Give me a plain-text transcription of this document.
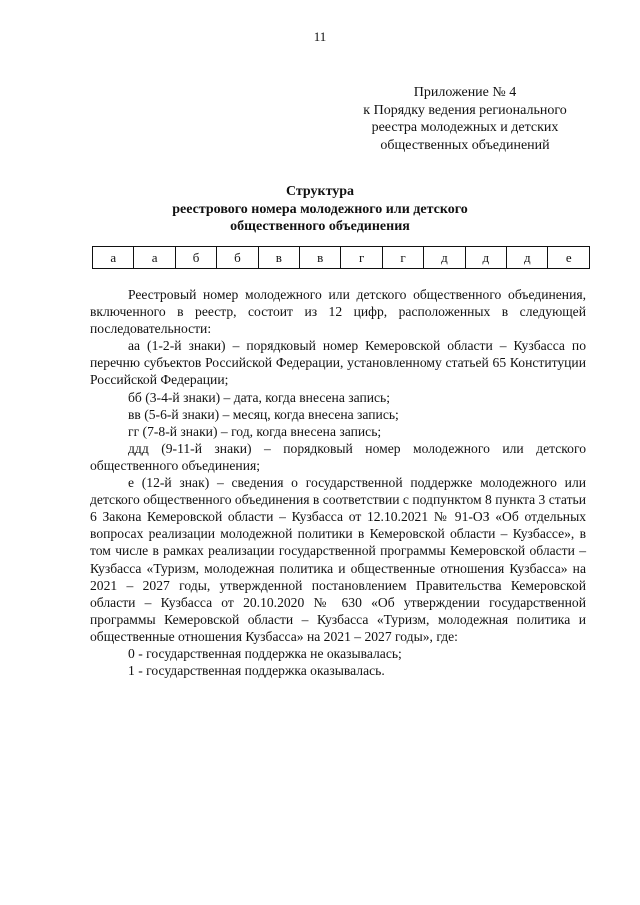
11
Приложение № 4
к Порядку ведения регионального
реестра молодежных и детских
общественных объединений
Структура
реестрового номера молодежного или детского
общественного объединения
а	а	б	б	в	в	г	г	д	д	д	е

Реестровый номер молодежного или детского общественного объединения, включенного в реестр, состоит из 12 цифр, расположенных в следующей последовательности:

аа (1-2-й знаки) – порядковый номер Кемеровской области – Кузбасса по перечню субъектов Российской Федерации, установленному статьей 65 Конституции Российской Федерации;

бб (3-4-й знаки) – дата, когда внесена запись;

вв (5-6-й знаки) – месяц, когда внесена запись;

гг (7-8-й знаки) – год, когда внесена запись;

ддд (9-11-й знаки) – порядковый номер молодежного или детского общественного объединения;

е (12-й знак) – сведения о государственной поддержке молодежного или детского общественного объединения в соответствии с подпунктом 8 пункта 3 статьи 6 Закона Кемеровской области – Кузбасса от 12.10.2021 № 91-ОЗ «Об отдельных вопросах реализации молодежной политики в Кемеровской области – Кузбассе», в том числе в рамках реализации государственной программы Кемеровской области – Кузбасса «Туризм, молодежная политика и общественные отношения Кузбасса» на 2021 – 2027 годы, утвержденной постановлением Правительства Кемеровской области – Кузбасса от 20.10.2020 № 630 «Об утверждении государственной программы Кемеровской области – Кузбасса «Туризм, молодежная политика и общественные отношения Кузбасса» на 2021 – 2027 годы», где:

0 - государственная поддержка не оказывалась;

1 - государственная поддержка оказывалась.
